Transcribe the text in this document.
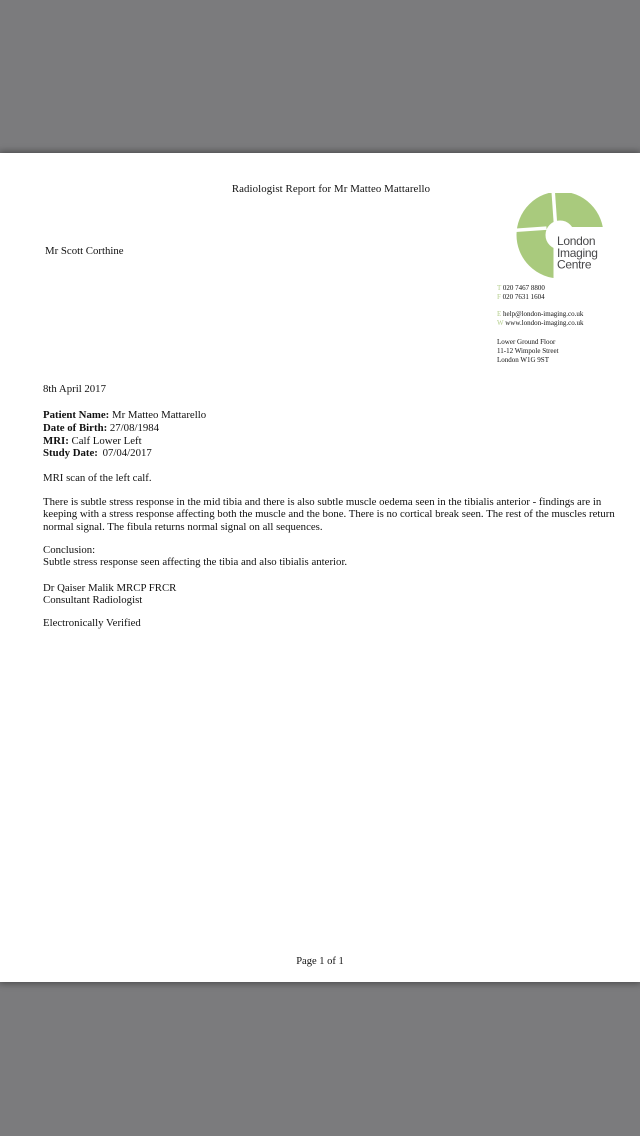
Radiologist Report for Mr Matteo Mattarello
Mr Scott Corthine
London
Imaging
Centre
T 020 7467 8800
F 020 7631 1604
E help@london-imaging.co.uk
W www.london-imaging.co.uk
Lower Ground Floor
11-12 Wimpole Street
London W1G 9ST
8th April 2017
Patient Name: Mr Matteo Mattarello
Date of Birth: 27/08/1984
MRI: Calf Lower Left
Study Date: 07/04/2017
MRI scan of the left calf.
There is subtle stress response in the mid tibia and there is also subtle muscle oedema seen in the tibialis anterior - findings are in keeping with a stress response affecting both the muscle and the bone. There is no cortical break seen. The rest of the muscles return normal signal. The fibula returns normal signal on all sequences.
Conclusion:
Subtle stress response seen affecting the tibia and also tibialis anterior.
Dr Qaiser Malik MRCP FRCR
Consultant Radiologist
Electronically Verified
Page 1 of 1
